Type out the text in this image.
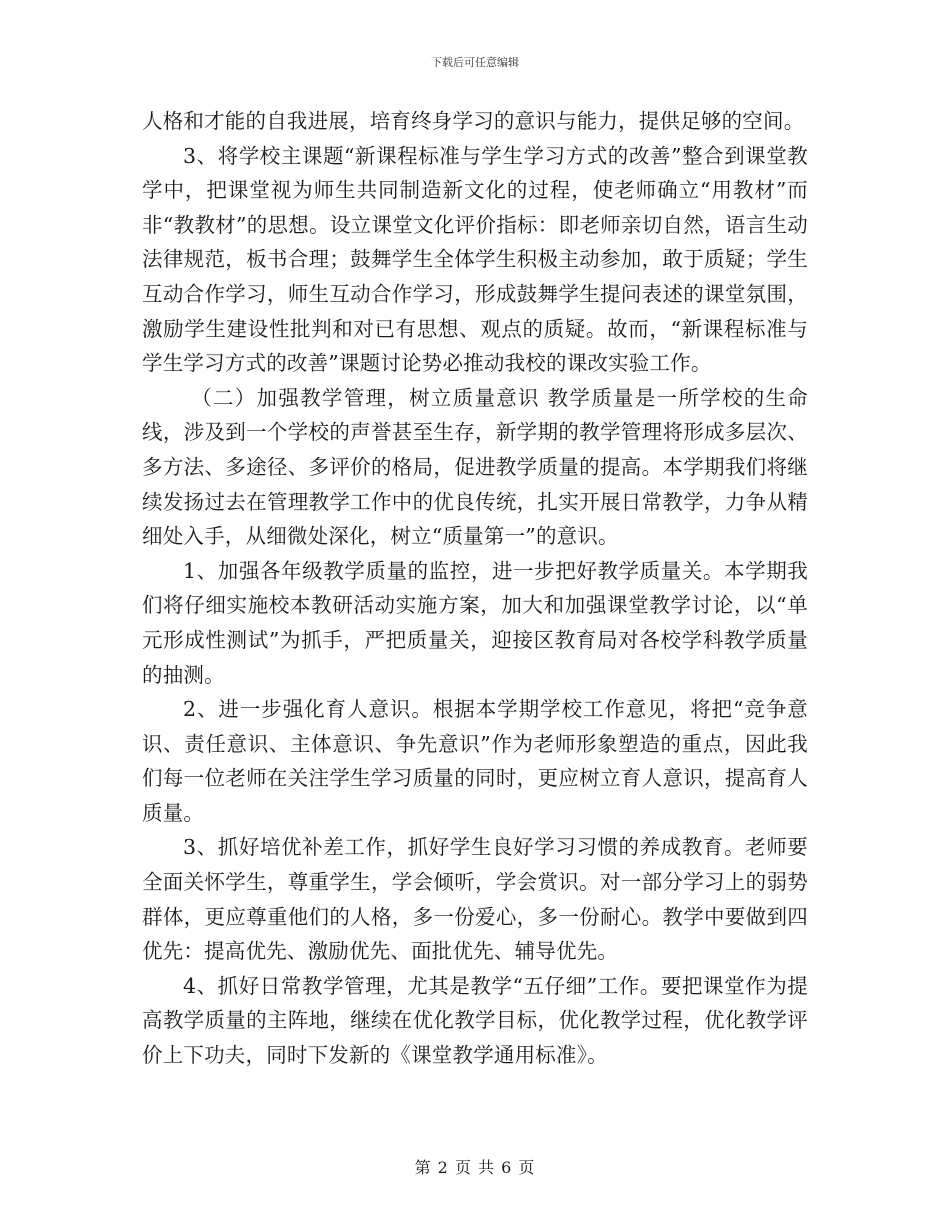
下载后可任意编辑

人格和才能的自我进展，培育终身学习的意识与能力，提供足够的空间。

3、将学校主课题“新课程标准与学生学习方式的改善”整合到课堂教学中，把课堂视为师生共同制造新文化的过程，使老师确立“用教材”而非“教教材”的思想。设立课堂文化评价指标：即老师亲切自然，语言生动法律规范，板书合理；鼓舞学生全体学生积极主动参加，敢于质疑；学生互动合作学习，师生互动合作学习，形成鼓舞学生提问表述的课堂氛围，激励学生建设性批判和对已有思想、观点的质疑。故而，“新课程标准与学生学习方式的改善”课题讨论势必推动我校的课改实验工作。

（二）加强教学管理，树立质量意识 教学质量是一所学校的生命线，涉及到一个学校的声誉甚至生存，新学期的教学管理将形成多层次、多方法、多途径、多评价的格局，促进教学质量的提高。本学期我们将继续发扬过去在管理教学工作中的优良传统，扎实开展日常教学，力争从精细处入手，从细微处深化，树立“质量第一”的意识。

1、加强各年级教学质量的监控，进一步把好教学质量关。本学期我们将仔细实施校本教研活动实施方案，加大和加强课堂教学讨论，以“单元形成性测试”为抓手，严把质量关，迎接区教育局对各校学科教学质量的抽测。

2、进一步强化育人意识。根据本学期学校工作意见，将把“竞争意识、责任意识、主体意识、争先意识”作为老师形象塑造的重点，因此我们每一位老师在关注学生学习质量的同时，更应树立育人意识，提高育人质量。

3、抓好培优补差工作，抓好学生良好学习习惯的养成教育。老师要全面关怀学生，尊重学生，学会倾听，学会赏识。对一部分学习上的弱势群体，更应尊重他们的人格，多一份爱心，多一份耐心。教学中要做到四优先：提高优先、激励优先、面批优先、辅导优先。

4、抓好日常教学管理，尤其是教学“五仔细”工作。要把课堂作为提高教学质量的主阵地，继续在优化教学目标，优化教学过程，优化教学评价上下功夫，同时下发新的《课堂教学通用标准》。

第 2 页 共 6 页
